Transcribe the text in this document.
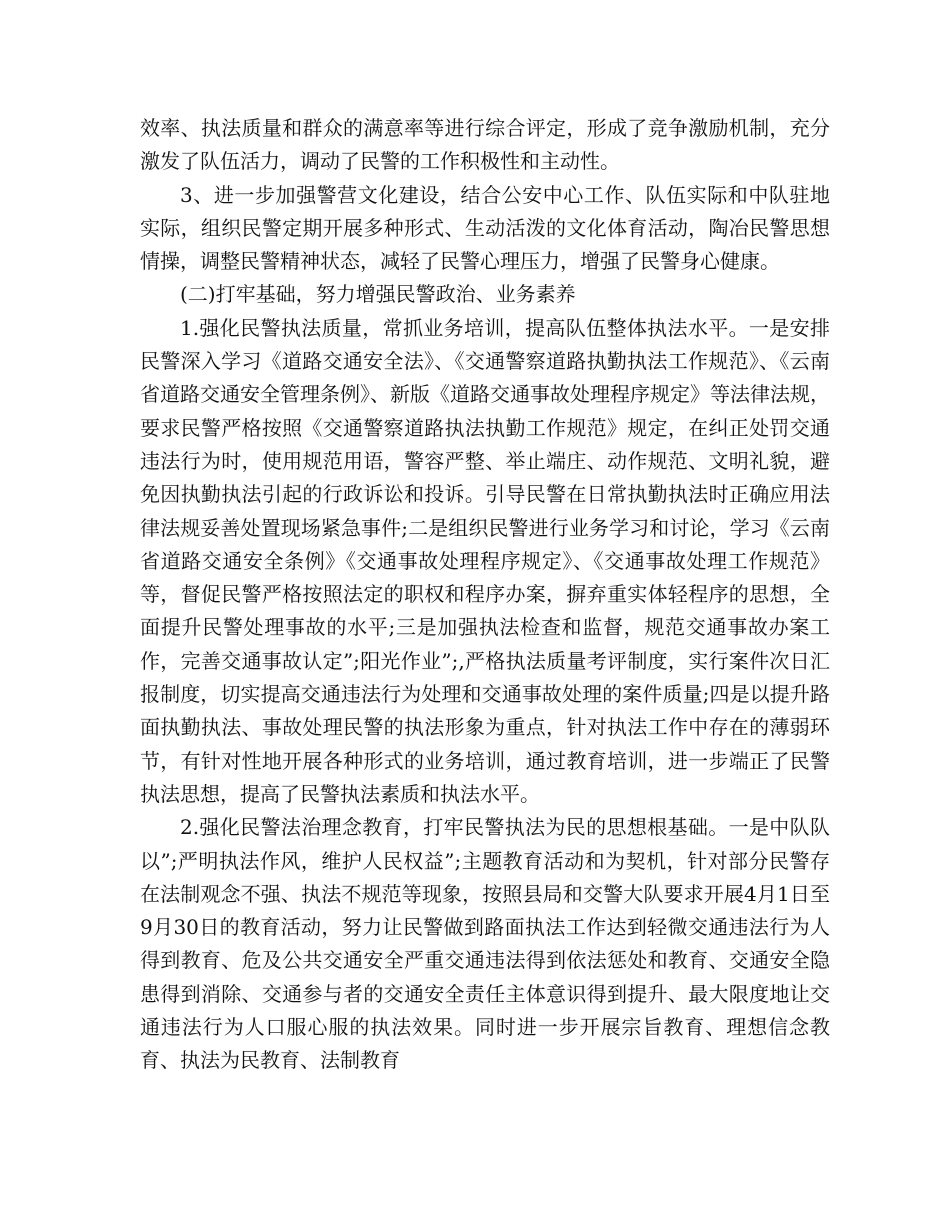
效率、执法质量和群众的满意率等进行综合评定，形成了竞争激励机制，充分激发了队伍活力，调动了民警的工作积极性和主动性。

3、进一步加强警营文化建设，结合公安中心工作、队伍实际和中队驻地实际，组织民警定期开展多种形式、生动活泼的文化体育活动，陶冶民警思想情操，调整民警精神状态，减轻了民警心理压力，增强了民警身心健康。

(二)打牢基础，努力增强民警政治、业务素养

1.强化民警执法质量，常抓业务培训，提高队伍整体执法水平。一是安排民警深入学习《道路交通安全法》、《交通警察道路执勤执法工作规范》、《云南省道路交通安全管理条例》、新版《道路交通事故处理程序规定》等法律法规，要求民警严格按照《交通警察道路执法执勤工作规范》规定，在纠正处罚交通违法行为时，使用规范用语，警容严整、举止端庄、动作规范、文明礼貌，避免因执勤执法引起的行政诉讼和投诉。引导民警在日常执勤执法时正确应用法律法规妥善处置现场紧急事件;二是组织民警进行业务学习和讨论，学习《云南省道路交通安全条例》《交通事故处理程序规定》、《交通事故处理工作规范》等，督促民警严格按照法定的职权和程序办案，摒弃重实体轻程序的思想，全面提升民警处理事故的水平;三是加强执法检查和监督，规范交通事故办案工作，完善交通事故认定”;阳光作业”;,严格执法质量考评制度，实行案件次日汇报制度，切实提高交通违法行为处理和交通事故处理的案件质量;四是以提升路面执勤执法、事故处理民警的执法形象为重点，针对执法工作中存在的薄弱环节，有针对性地开展各种形式的业务培训，通过教育培训，进一步端正了民警执法思想，提高了民警执法素质和执法水平。

2.强化民警法治理念教育，打牢民警执法为民的思想根基础。一是中队队以”;严明执法作风，维护人民权益”;主题教育活动和为契机，针对部分民警存在法制观念不强、执法不规范等现象，按照县局和交警大队要求开展4月1日至9月30日的教育活动，努力让民警做到路面执法工作达到轻微交通违法行为人得到教育、危及公共交通安全严重交通违法得到依法惩处和教育、交通安全隐患得到消除、交通参与者的交通安全责任主体意识得到提升、最大限度地让交通违法行为人口服心服的执法效果。同时进一步开展宗旨教育、理想信念教育、执法为民教育、法制教育
